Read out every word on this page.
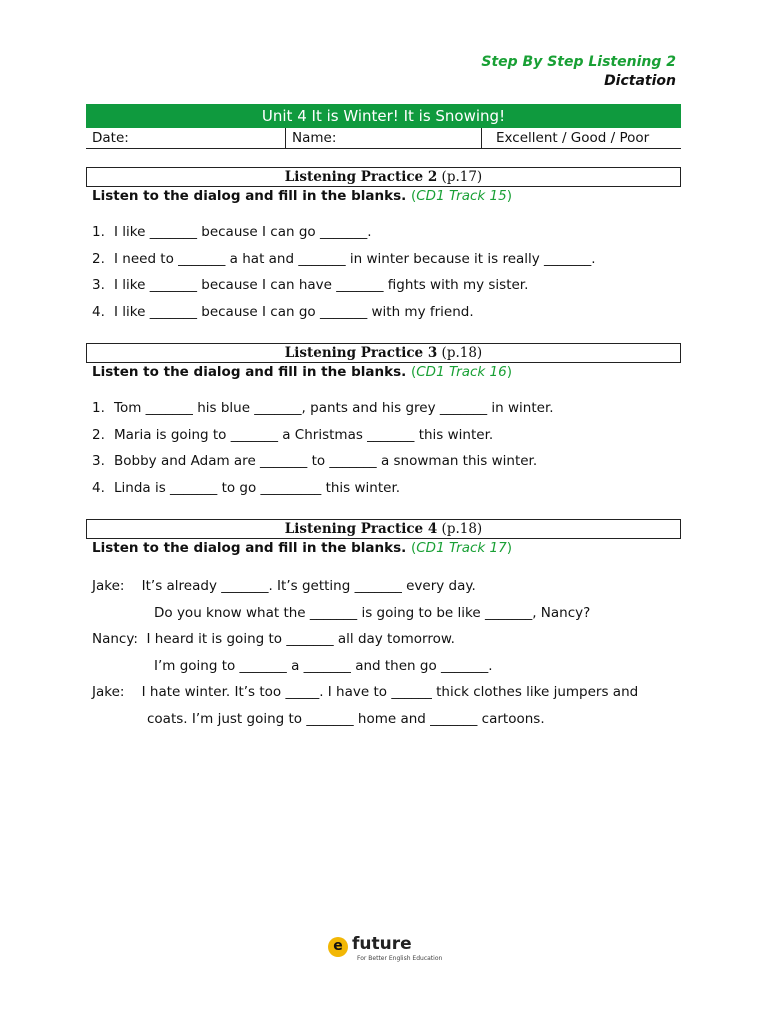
Step By Step Listening 2
Dictation
Unit 4 It is Winter! It is Snowing!
Date:	Name:	Excellent / Good / Poor
Listening Practice 2 (p.17)
Listen to the dialog and fill in the blanks. (CD1 Track 15)
1. I like _______ because I can go _______.
2. I need to _______ a hat and _______ in winter because it is really _______.
3. I like _______ because I can have _______ fights with my sister.
4. I like _______ because I can go _______ with my friend.
Listening Practice 3 (p.18)
Listen to the dialog and fill in the blanks. (CD1 Track 16)
1. Tom _______ his blue _______, pants and his grey _______ in winter.
2. Maria is going to _______ a Christmas _______ this winter.
3. Bobby and Adam are _______ to _______ a snowman this winter.
4. Linda is _______ to go _________ this winter.
Listening Practice 4 (p.18)
Listen to the dialog and fill in the blanks. (CD1 Track 17)
Jake: It’s already _______. It’s getting _______ every day.
Do you know what the _______ is going to be like _______, Nancy?
Nancy: I heard it is going to _______ all day tomorrow.
I’m going to _______ a _______ and then go _______.
Jake: I hate winter. It’s too _____. I have to ______ thick clothes like jumpers and
coats. I’m just going to _______ home and _______ cartoons.
e future
For Better English Education
